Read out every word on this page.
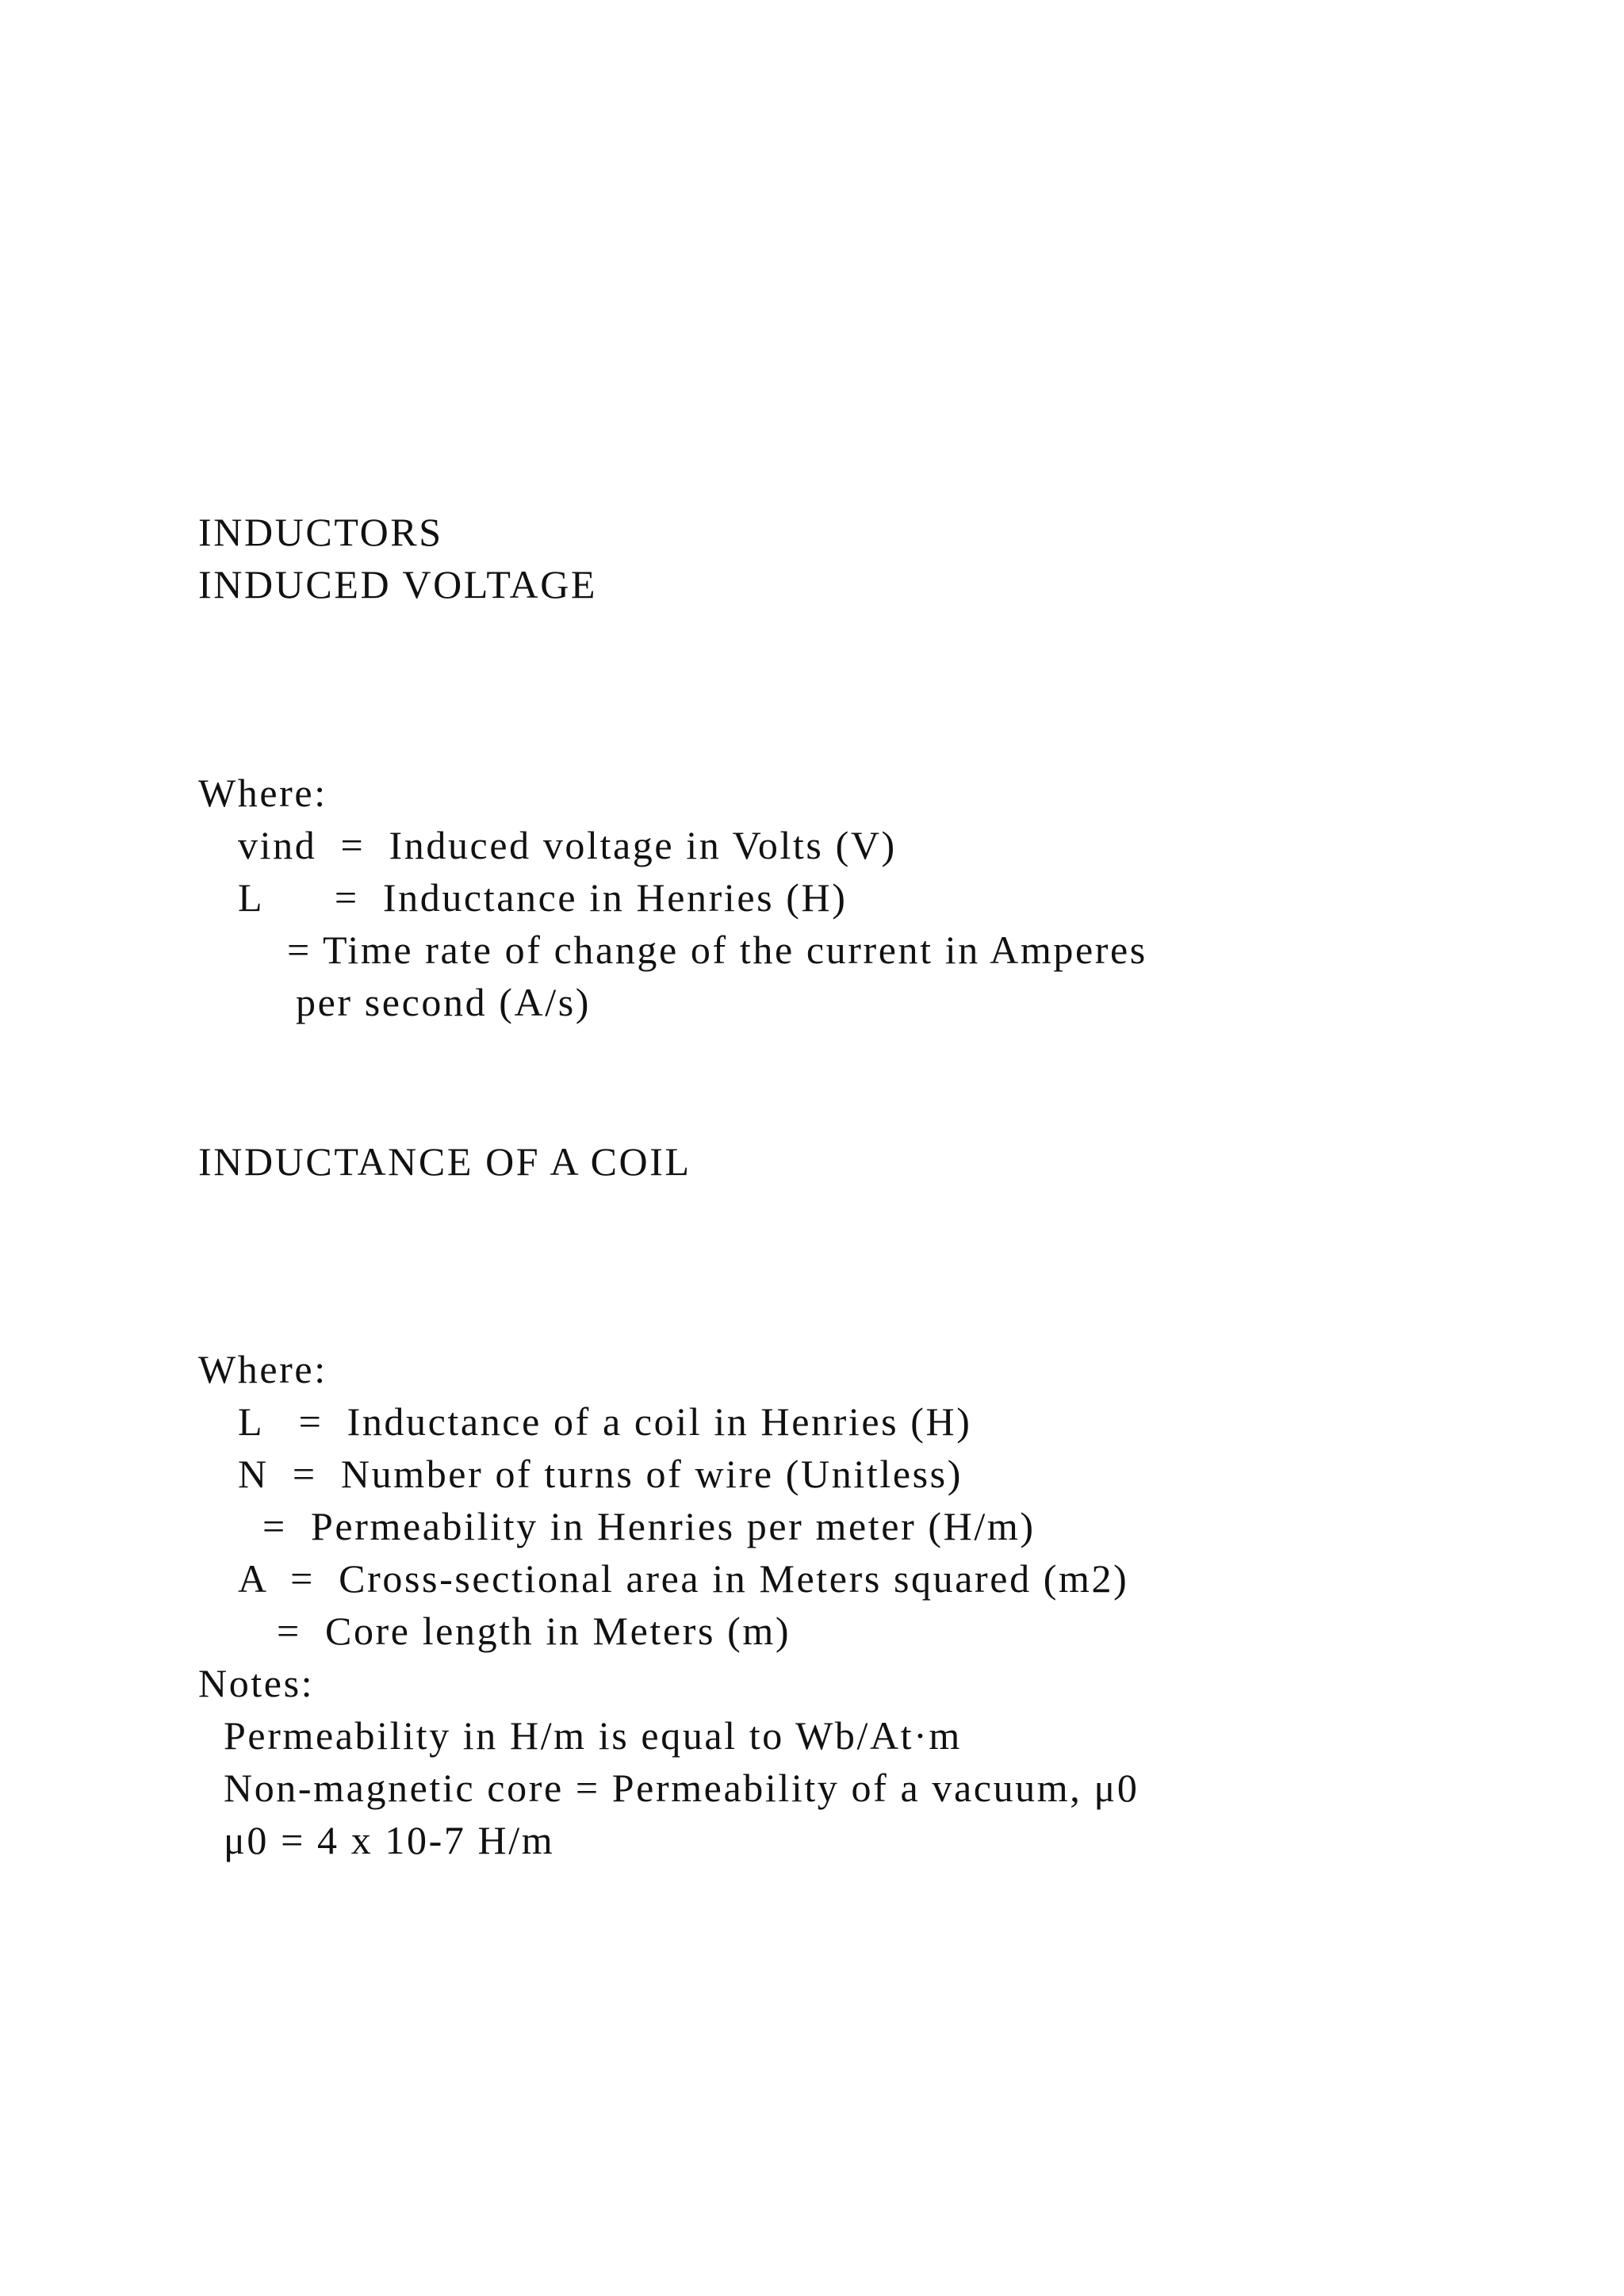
INDUCTORS

INDUCED VOLTAGE

Where:

vind  =  Induced voltage in Volts (V)

L      =  Inductance in Henries (H)

= Time rate of change of the current in Amperes

per second (A/s)

INDUCTANCE OF A COIL

Where:

L   =  Inductance of a coil in Henries (H)

N  =  Number of turns of wire (Unitless)

=  Permeability in Henries per meter (H/m)

A  =  Cross-sectional area in Meters squared (m2)

=  Core length in Meters (m)

Notes:

Permeability in H/m is equal to Wb/At·m

Non-magnetic core = Permeability of a vacuum, μ0

μ0 = 4 x 10-7 H/m
